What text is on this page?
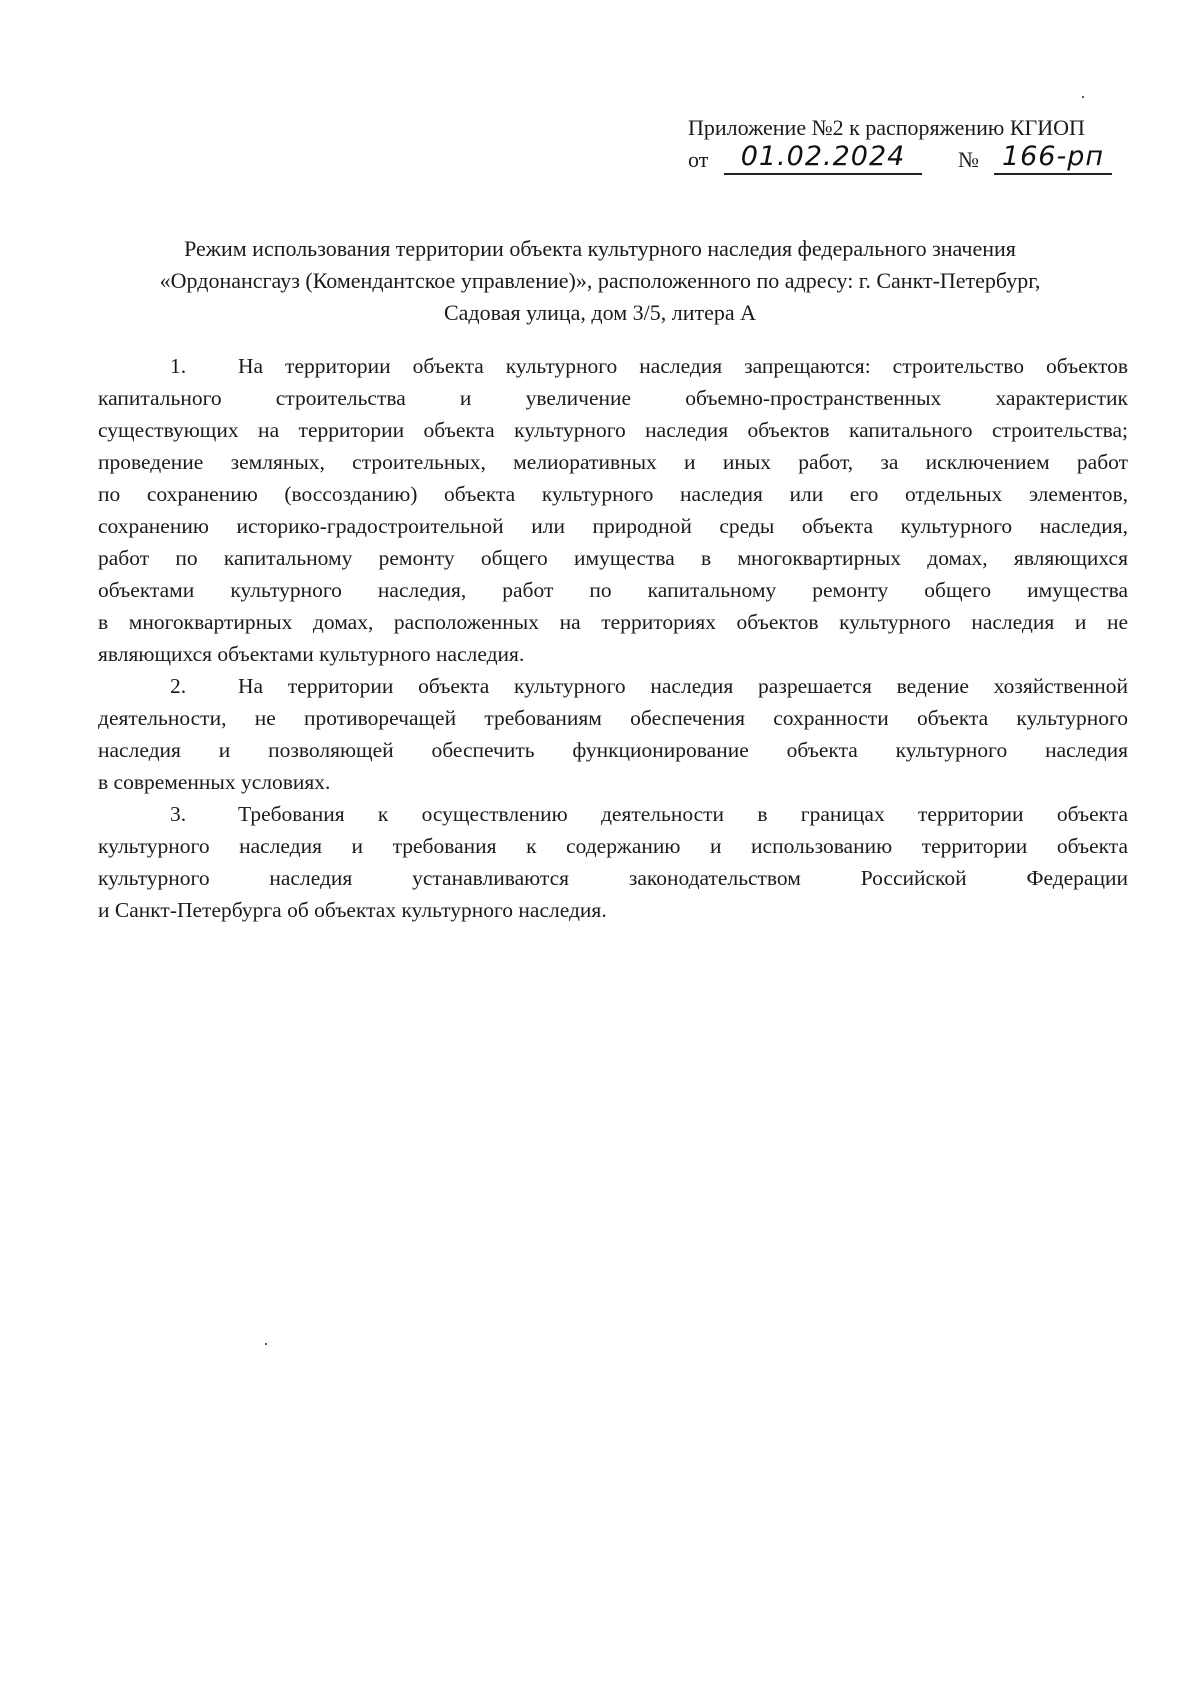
Приложение №2 к распоряжению КГИОП
от	01.02.2024	№ 166-рп
Режим использования территории объекта культурного наследия федерального значения
«Ордонансгауз (Комендантское управление)», расположенного по адресу: г. Санкт-Петербург,
Садовая улица, дом 3/5, литера А
1. На территории объекта культурного наследия запрещаются: строительство объектов
капитального строительства и увеличение объемно-пространственных характеристик
существующих на территории объекта культурного наследия объектов капитального строительства;
проведение земляных, строительных, мелиоративных и иных работ, за исключением работ
по сохранению (воссозданию) объекта культурного наследия или его отдельных элементов,
сохранению историко-градостроительной или природной среды объекта культурного наследия,
работ по капитальному ремонту общего имущества в многоквартирных домах, являющихся
объектами культурного наследия, работ по капитальному ремонту общего имущества
в многоквартирных домах, расположенных на территориях объектов культурного наследия и не
являющихся объектами культурного наследия.
2. На территории объекта культурного наследия разрешается ведение хозяйственной
деятельности, не противоречащей требованиям обеспечения сохранности объекта культурного
наследия и позволяющей обеспечить функционирование объекта культурного наследия
в современных условиях.
3. Требования к осуществлению деятельности в границах территории объекта
культурного наследия и требования к содержанию и использованию территории объекта
культурного наследия устанавливаются законодательством Российской Федерации
и Санкт-Петербурга об объектах культурного наследия.
